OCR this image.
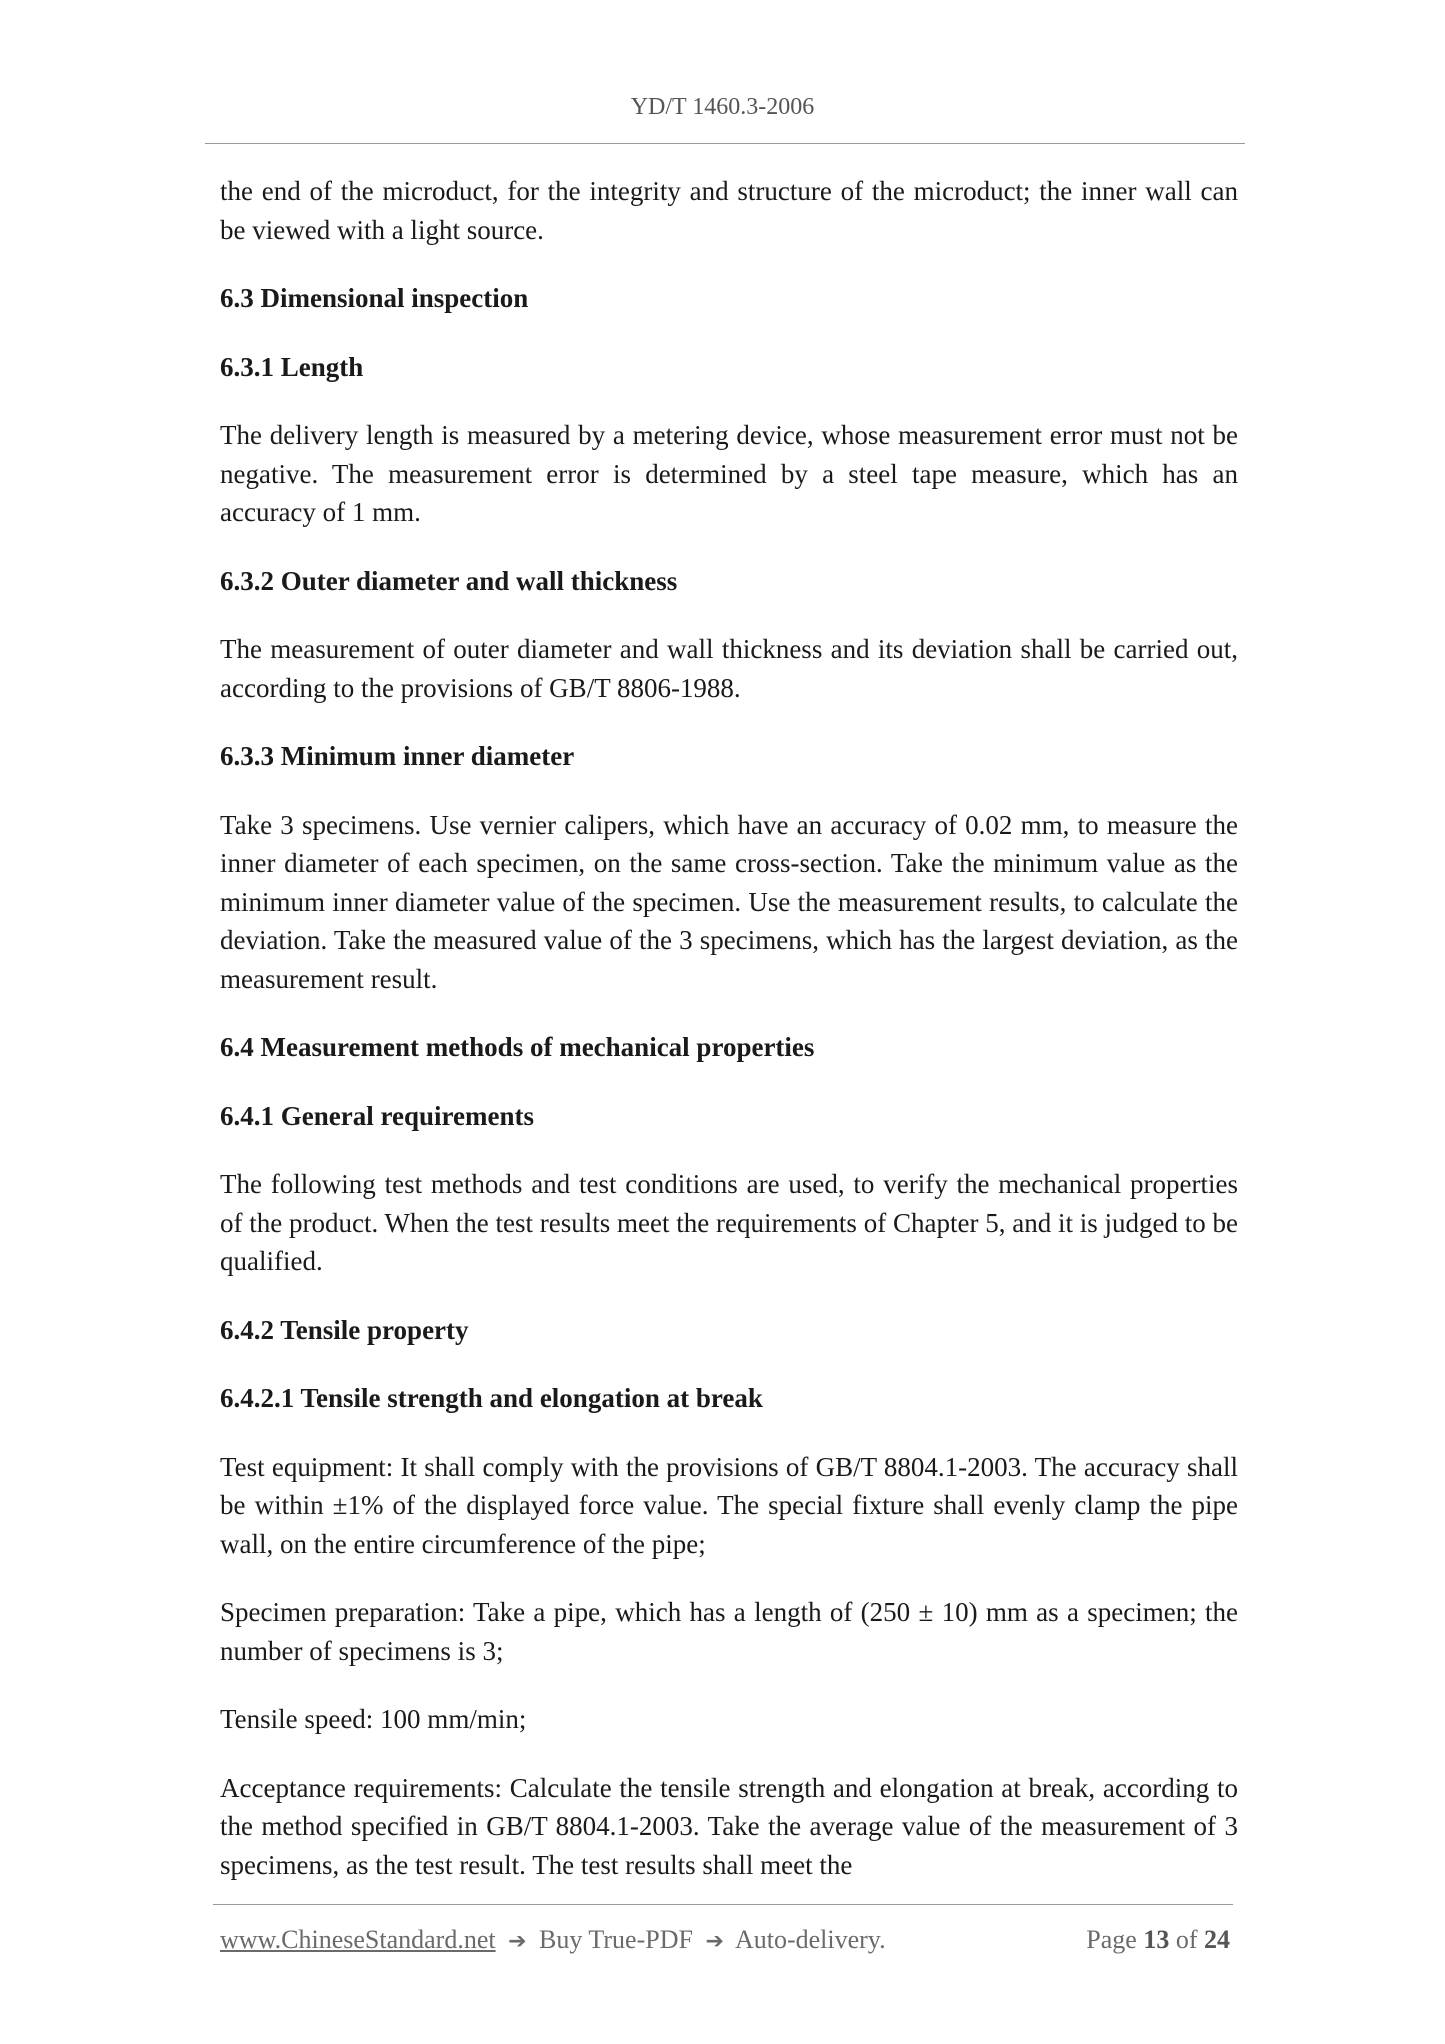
YD/T 1460.3-2006

the end of the microduct, for the integrity and structure of the microduct; the inner wall can be viewed with a light source.

6.3 Dimensional inspection
6.3.1 Length

The delivery length is measured by a metering device, whose measurement error must not be negative. The measurement error is determined by a steel tape measure, which has an accuracy of 1 mm.

6.3.2 Outer diameter and wall thickness

The measurement of outer diameter and wall thickness and its deviation shall be carried out, according to the provisions of GB/T 8806-1988.

6.3.3 Minimum inner diameter

Take 3 specimens. Use vernier calipers, which have an accuracy of 0.02 mm, to measure the inner diameter of each specimen, on the same cross-section. Take the minimum value as the minimum inner diameter value of the specimen. Use the measurement results, to calculate the deviation. Take the measured value of the 3 specimens, which has the largest deviation, as the measurement result.

6.4 Measurement methods of mechanical properties
6.4.1 General requirements

The following test methods and test conditions are used, to verify the mechanical properties of the product. When the test results meet the requirements of Chapter 5, and it is judged to be qualified.

6.4.2 Tensile property
6.4.2.1 Tensile strength and elongation at break

Test equipment: It shall comply with the provisions of GB/T 8804.1-2003. The accuracy shall be within ±1% of the displayed force value. The special fixture shall evenly clamp the pipe wall, on the entire circumference of the pipe;

Specimen preparation: Take a pipe, which has a length of (250 ± 10) mm as a specimen; the number of specimens is 3;

Tensile speed: 100 mm/min;

Acceptance requirements: Calculate the tensile strength and elongation at break, according to the method specified in GB/T 8804.1-2003. Take the average value of the measurement of 3 specimens, as the test result. The test results shall meet the

www.ChineseStandard.net ➔ Buy True-PDF ➔ Auto-delivery.	Page 13 of 24
